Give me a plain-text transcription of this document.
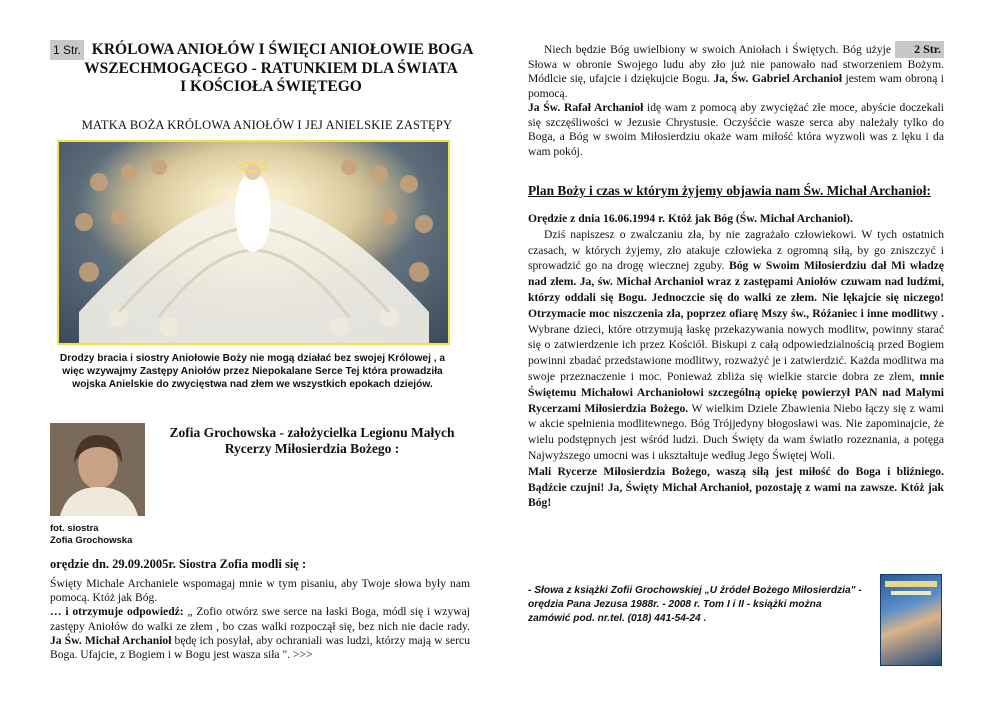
1 Str. KRÓLOWA ANIOŁÓW I ŚWIĘCI ANIOŁOWIE BOGA
WSZECHMOGĄCEGO - RATUNKIEM DLA ŚWIATA
I KOŚCIOŁA ŚWIĘTEGO
MATKA BOŻA KRÓLOWA ANIOŁÓW I JEJ ANIELSKIE ZASTĘPY
Drodzy bracia i siostry Aniołowie Boży nie mogą działać bez swojej Królowej , a więc wzywajmy Zastępy Aniołów przez Niepokalane Serce Tej która prowadziła wojska Anielskie do zwycięstwa nad złem we wszystkich epokach dziejów.
Zofia Grochowska - założycielka Legionu Małych Rycerzy Miłosierdzia Bożego :
fot. siostra
Zofia Grochowska
orędzie dn. 29.09.2005r. Siostra Zofia modli się :

Święty Michale Archaniele wspomagaj mnie w tym pisaniu, aby Twoje słowa były nam pomocą. Któż jak Bóg.

… i otrzymuje odpowiedź: „ Zofio otwórz swe serce na łaski Boga, módl się i wzywaj zastępy Aniołów do walki ze złem , bo czas walki rozpoczął się, bez nich nie dacie rady. Ja Św. Michał Archanioł będę ich posyłał, aby ochraniali was ludzi, którzy mają w sercu Boga. Ufajcie, z Bogiem i w Bogu jest wasza siła ". >>>

Niech będzie Bóg uwielbiony w swoich Aniołach i Świętych. Bóg użyje 2 Str. Słowa w obronie Swojego ludu aby zło już nie panowało nad stworzeniem Bożym. Módlcie się, ufajcie i dziękujcie Bogu. Ja, Św. Gabriel Archanioł jestem wam obroną i pomocą.

Ja Św. Rafał Archanioł idę wam z pomocą aby zwyciężać złe moce, abyście doczekali się szczęśliwości w Jezusie Chrystusie. Oczyśćcie wasze serca aby należały tylko do Boga, a Bóg w swoim Miłosierdziu okaże wam miłość która wyzwoli was z lęku i da wam pokój.

Plan Boży i czas w którym żyjemy objawia nam Św. Michał Archanioł:

Orędzie z dnia 16.06.1994 r. Któż jak Bóg (Św. Michał Archanioł).

Dziś napiszesz o zwalczaniu zła, by nie zagrażało człowiekowi. W tych ostatnich czasach, w których żyjemy, zło atakuje człowieka z ogromną siłą, by go zniszczyć i sprowadzić go na drogę wiecznej zguby. Bóg w Swoim Miłosierdziu dał Mi władzę nad złem. Ja, św. Michał Archanioł wraz z zastępami Aniołów czuwam nad ludźmi, którzy oddali się Bogu. Jednoczcie się do walki ze złem. Nie lękajcie się niczego! Otrzymacie moc niszczenia zła, poprzez ofiarę Mszy św., Różaniec i inne modlitwy . Wybrane dzieci, które otrzymują łaskę przekazywania nowych modlitw, powinny starać się o zatwierdzenie ich przez Kościół. Biskupi z całą odpowiedzialnością przed Bogiem powinni zbadać przedstawione modlitwy, rozważyć je i zatwierdzić. Każda modlitwa ma swoje przeznaczenie i moc. Ponieważ zbliża się wielkie starcie dobra ze złem, mnie Świętemu Michałowi Archaniołowi szczególną opiekę powierzył PAN nad Małymi Rycerzami Miłosierdzia Bożego. W wielkim Dziele Zbawienia Niebo łączy się z wami w akcie spełnienia modlitewnego. Bóg Trójjedyny błogosławi was. Nie zapominajcie, że wielu podstępnych jest wśród ludzi. Duch Święty da wam światło rozeznania, a potęga Najwyższego umocni was i ukształtuje według Jego Świętej Woli.

Mali Rycerze Miłosierdzia Bożego, waszą siłą jest miłość do Boga i bliźniego. Bądźcie czujni! Ja, Święty Michał Archanioł, pozostaję z wami na zawsze. Któż jak Bóg!

- Słowa z książki Zofii Grochowskiej „U źródeł Bożego Miłosierdzia" - orędzia Pana Jezusa 1988r. - 2008 r. Tom I i II - książki można zamówić pod. nr.tel. (018) 441-54-24 .
